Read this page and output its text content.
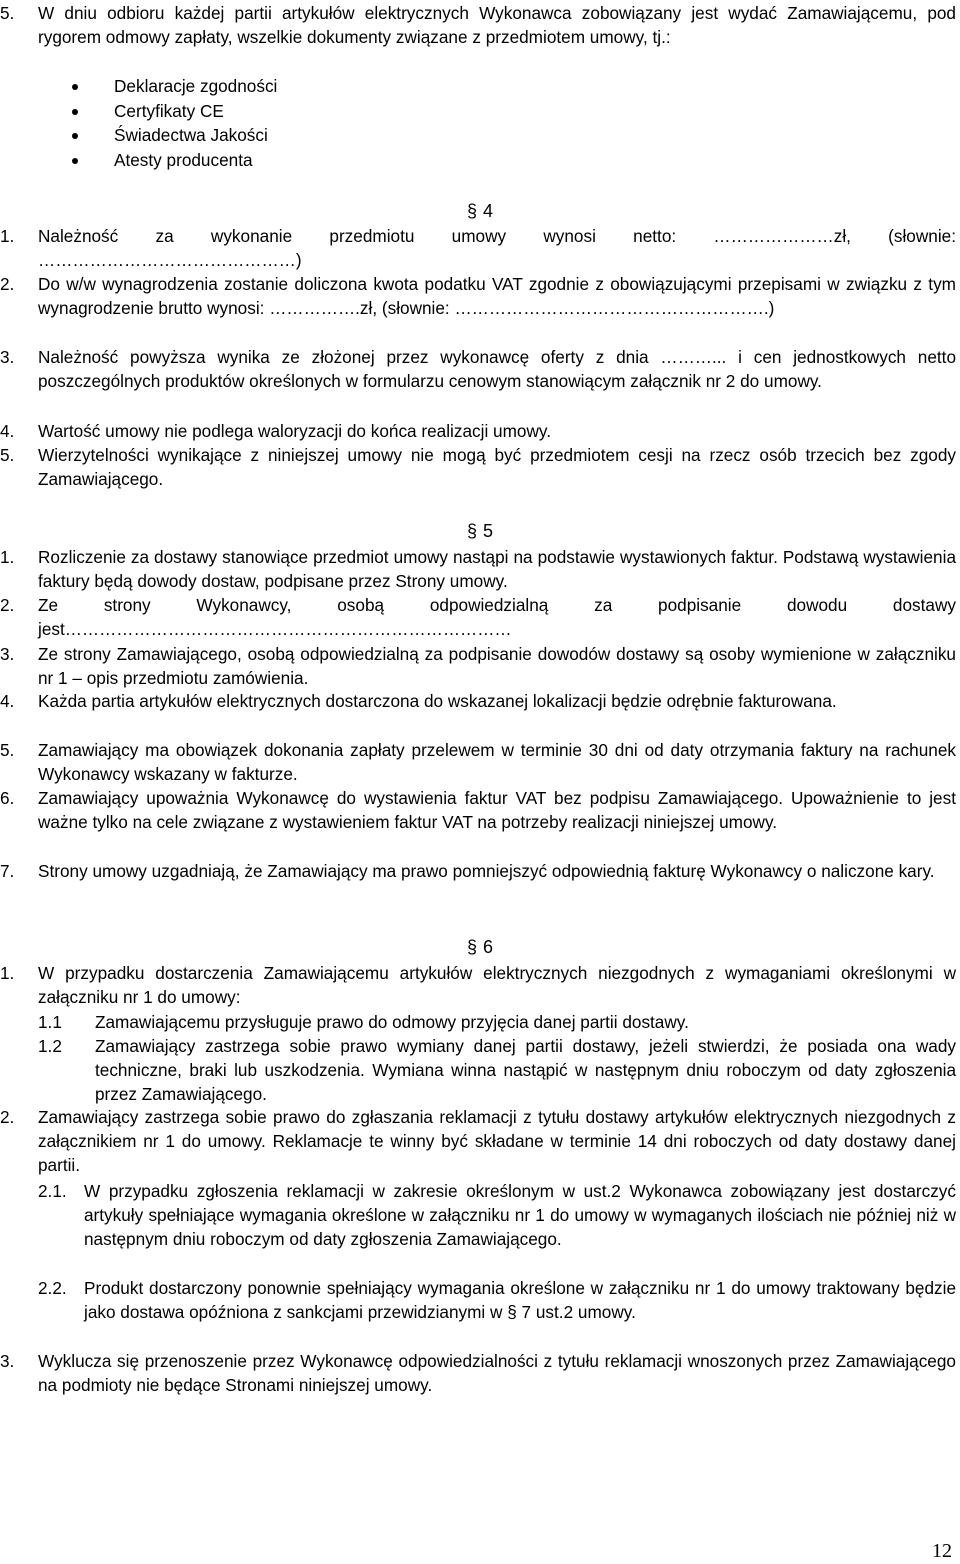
5. W dniu odbioru każdej partii artykułów elektrycznych Wykonawca zobowiązany jest wydać Zamawiającemu, pod rygorem odmowy zapłaty, wszelkie dokumenty związane z przedmiotem umowy, tj.:
Deklaracje zgodności
Certyfikaty CE
Świadectwa Jakości
Atesty producenta
§ 4
1. Należność za wykonanie przedmiotu umowy wynosi netto: …………………zł, (słownie: ………………………………………)
2. Do w/w wynagrodzenia zostanie doliczona kwota podatku VAT zgodnie z obowiązującymi przepisami w związku z tym wynagrodzenie brutto wynosi: …………….zł, (słownie: ……………………………………………….)
3. Należność powyższa wynika ze złożonej przez wykonawcę oferty z dnia ………... i cen jednostkowych netto poszczególnych produktów określonych w formularzu cenowym stanowiącym załącznik nr 2 do umowy.
4. Wartość umowy nie podlega waloryzacji do końca realizacji umowy.
5. Wierzytelności wynikające z niniejszej umowy nie mogą być przedmiotem cesji na rzecz osób trzecich bez zgody Zamawiającego.
§ 5
1. Rozliczenie za dostawy stanowiące przedmiot umowy nastąpi na podstawie wystawionych faktur. Podstawą wystawienia faktury będą dowody dostaw, podpisane przez Strony umowy.
2. Ze strony Wykonawcy, osobą odpowiedzialną za podpisanie dowodu dostawy jest……………………………………………………………………
3. Ze strony Zamawiającego, osobą odpowiedzialną za podpisanie dowodów dostawy są osoby wymienione w załączniku nr 1 – opis przedmiotu zamówienia.
4. Każda partia artykułów elektrycznych dostarczona do wskazanej lokalizacji będzie odrębnie fakturowana.
5. Zamawiający ma obowiązek dokonania zapłaty przelewem w terminie 30 dni od daty otrzymania faktury na rachunek Wykonawcy wskazany w fakturze.
6. Zamawiający upoważnia Wykonawcę do wystawienia faktur VAT bez podpisu Zamawiającego. Upoważnienie to jest ważne tylko na cele związane z wystawieniem faktur VAT na potrzeby realizacji niniejszej umowy.
7. Strony umowy uzgadniają, że Zamawiający ma prawo pomniejszyć odpowiednią fakturę Wykonawcy o naliczone kary.
§ 6
1. W przypadku dostarczenia Zamawiającemu artykułów elektrycznych niezgodnych z wymaganiami określonymi w załączniku nr 1 do umowy:
1.1 Zamawiającemu przysługuje prawo do odmowy przyjęcia danej partii dostawy.
1.2 Zamawiający zastrzega sobie prawo wymiany danej partii dostawy, jeżeli stwierdzi, że posiada ona wady techniczne, braki lub uszkodzenia. Wymiana winna nastąpić w następnym dniu roboczym od daty zgłoszenia przez Zamawiającego.
2. Zamawiający zastrzega sobie prawo do zgłaszania reklamacji z tytułu dostawy artykułów elektrycznych niezgodnych z załącznikiem nr 1 do umowy. Reklamacje te winny być składane w terminie 14 dni roboczych od daty dostawy danej partii.
2.1. W przypadku zgłoszenia reklamacji w zakresie określonym w ust.2 Wykonawca zobowiązany jest dostarczyć artykuły spełniające wymagania określone w załączniku nr 1 do umowy w wymaganych ilościach nie później niż w następnym dniu roboczym od daty zgłoszenia Zamawiającego.
2.2. Produkt dostarczony ponownie spełniający wymagania określone w załączniku nr 1 do umowy traktowany będzie jako dostawa opóźniona z sankcjami przewidzianymi w § 7 ust.2 umowy.
3. Wyklucza się przenoszenie przez Wykonawcę odpowiedzialności z tytułu reklamacji wnoszonych przez Zamawiającego na podmioty nie będące Stronami niniejszej umowy.
12
